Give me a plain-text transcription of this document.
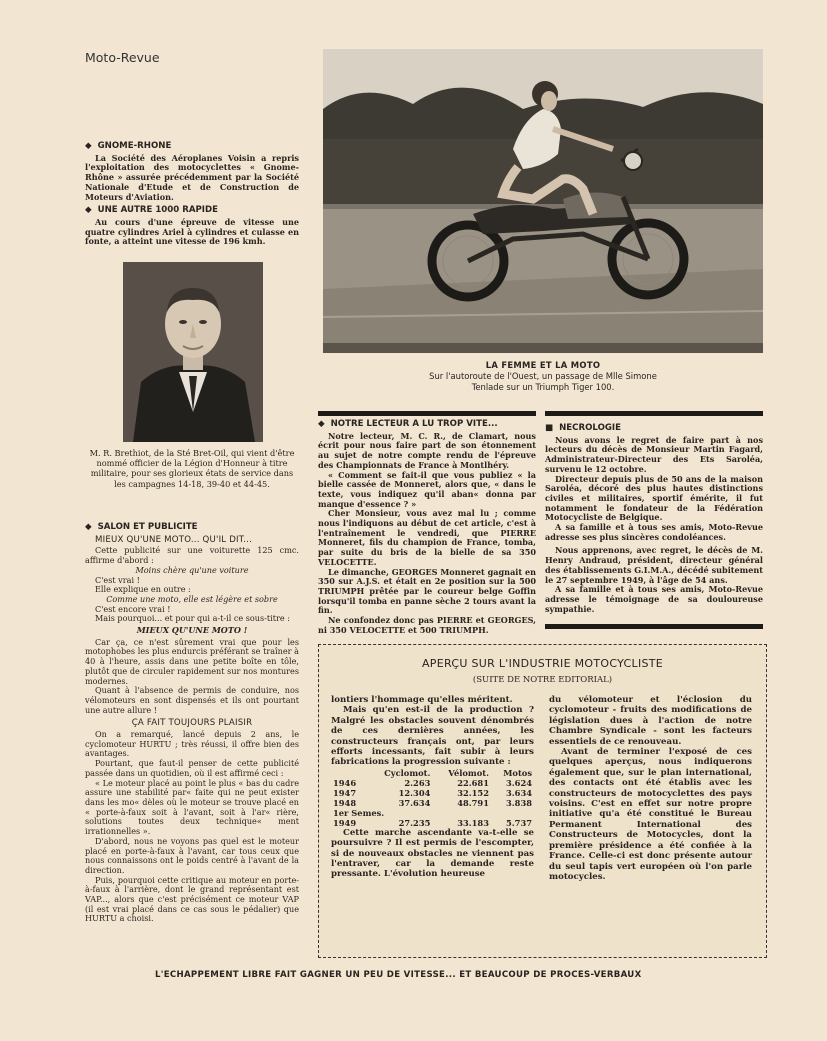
Moto-Revue
◆ GNOME-RHONE

La Société des Aéroplanes Voisin a repris l'exploitation des motocyclettes « Gnome-Rhône » assurée précédemment par la Société Nationale d'Etude et de Construction de Moteurs d'Aviation.

◆ UNE AUTRE 1000 RAPIDE

Au cours d'une épreuve de vitesse une quatre cylindres Ariel à cylindres et culasse en fonte, a atteint une vitesse de 196 kmh.

M. R. Brethiot, de la Sté Bret-Oil, qui vient d'être nommé officier de la Légion d'Honneur à titre militaire, pour ses glorieux états de service dans les campagnes 14-18, 39-40 et 44-45.

◆ SALON ET PUBLICITE
MIEUX QU'UNE MOTO... QU'IL DIT...

Cette publicité sur une voiturette 125 cmc. affirme d'abord :

Moins chère qu'une voiture

C'est vrai !

Elle explique en outre :

Comme une moto, elle est légère et sobre

C'est encore vrai !

Mais pourquoi... et pour qui a-t-il ce sous-titre :

MIEUX QU'UNE MOTO !

Car ça, ce n'est sûrement vrai que pour les motophobes les plus endurcis préférant se traîner à 40 à l'heure, assis dans une petite boîte en tôle, plutôt que de circuler rapidement sur nos montures modernes.

Quant à l'absence de permis de conduire, nos vélomoteurs en sont dispensés et ils ont pourtant une autre allure !

ÇA FAIT TOUJOURS PLAISIR

On a remarqué, lancé depuis 2 ans, le cyclomoteur HURTU ; très réussi, il offre bien des avantages.

Pourtant, que faut-il penser de cette publicité passée dans un quotidien, où il est affirmé ceci :

« Le moteur placé au point le plus « bas du cadre assure une stabilité par« faite qui ne peut exister dans les mo« dèles où le moteur se trouve placé en « porte-à-faux soit à l'avant, soit à l'ar« rière, solutions toutes deux technique« ment irrationnelles ».

D'abord, nous ne voyons pas quel est le moteur placé en porte-à-faux à l'avant, car tous ceux que nous connaissons ont le poids centré à l'avant de la direction.

Puis, pourquoi cette critique au moteur en porte-à-faux à l'arrière, dont le grand représentant est VAP..., alors que c'est précisément ce moteur VAP (il est vrai placé dans ce cas sous le pédalier) que HURTU a choisi.

LA FEMME ET LA MOTO
Sur l'autoroute de l'Ouest, un passage de Mlle Simone Tenlade sur un Triumph Tiger 100.
◆ NOTRE LECTEUR A LU TROP VITE...

Notre lecteur, M. C. R., de Clamart, nous écrit pour nous faire part de son étonnement au sujet de notre compte rendu de l'épreuve des Championnats de France à Montlhéry.

« Comment se fait-il que vous publiez « la bielle cassée de Monneret, alors que, « dans le texte, vous indiquez qu'il aban« donna par manque d'essence ? »

Cher Monsieur, vous avez mal lu ; comme nous l'indiquons au début de cet article, c'est à l'entraînement le vendredi, que PIERRE Monneret, fils du champion de France, tomba, par suite du bris de la bielle de sa 350 VELOCETTE.

Le dimanche, GEORGES Monneret gagnait en 350 sur A.J.S. et était en 2e position sur la 500 TRIUMPH prêtée par le coureur belge Goffin lorsqu'il tomba en panne sèche 2 tours avant la fin.

Ne confondez donc pas PIERRE et GEORGES, ni 350 VELOCETTE et 500 TRIUMPH.

■ NECROLOGIE

Nous avons le regret de faire part à nos lecteurs du décès de Monsieur Martin Fagard, Administrateur-Directeur des Ets Saroléa, survenu le 12 octobre.

Directeur depuis plus de 50 ans de la maison Saroléa, décoré des plus hautes distinctions civiles et militaires, sportif émérite, il fut notamment le fondateur de la Fédération Motocycliste de Belgique.

A sa famille et à tous ses amis, Moto-Revue adresse ses plus sincères condoléances.

Nous apprenons, avec regret, le décès de M. Henry Andraud, président, directeur général des établissements G.I.M.A., décédé subitement le 27 septembre 1949, à l'âge de 54 ans.

A sa famille et à tous ses amis, Moto-Revue adresse le témoignage de sa douloureuse sympathie.

APERÇU SUR L'INDUSTRIE MOTOCYCLISTE
(SUITE DE NOTRE EDITORIAL)

lontiers l'hommage qu'elles méritent.

Mais qu'en est-il de la production ? Malgré les obstacles souvent dénombrés de ces dernières années, les constructeurs français ont, par leurs efforts incessants, fait subir à leurs fabrications la progression suivante :

	Cyclomot.	Vélomot.	Motos
1946	2.263	22.681	3.624
1947	12.304	32.152	3.634
1948	37.634	48.791	3.838
1er Semes.			
1949	27.235	33.183	5.737

Cette marche ascendante va-t-elle se poursuivre ? Il est permis de l'escompter, si de nouveaux obstacles ne viennent pas l'entraver, car la demande reste pressante. L'évolution heureuse

du vélomoteur et l'éclosion du cyclomoteur - fruits des modifications de législation dues à l'action de notre Chambre Syndicale - sont les facteurs essentiels de ce renouveau.

Avant de terminer l'exposé de ces quelques aperçus, nous indiquerons également que, sur le plan international, des contacts ont été établis avec les constructeurs de motocyclettes des pays voisins. C'est en effet sur notre propre initiative qu'a été constitué le Bureau Permanent International des Constructeurs de Motocycles, dont la première présidence a été confiée à la France. Celle-ci est donc présente autour du seul tapis vert européen où l'on parle motocycles.

L'ECHAPPEMENT LIBRE FAIT GAGNER UN PEU DE VITESSE... ET BEAUCOUP DE PROCES-VERBAUX
